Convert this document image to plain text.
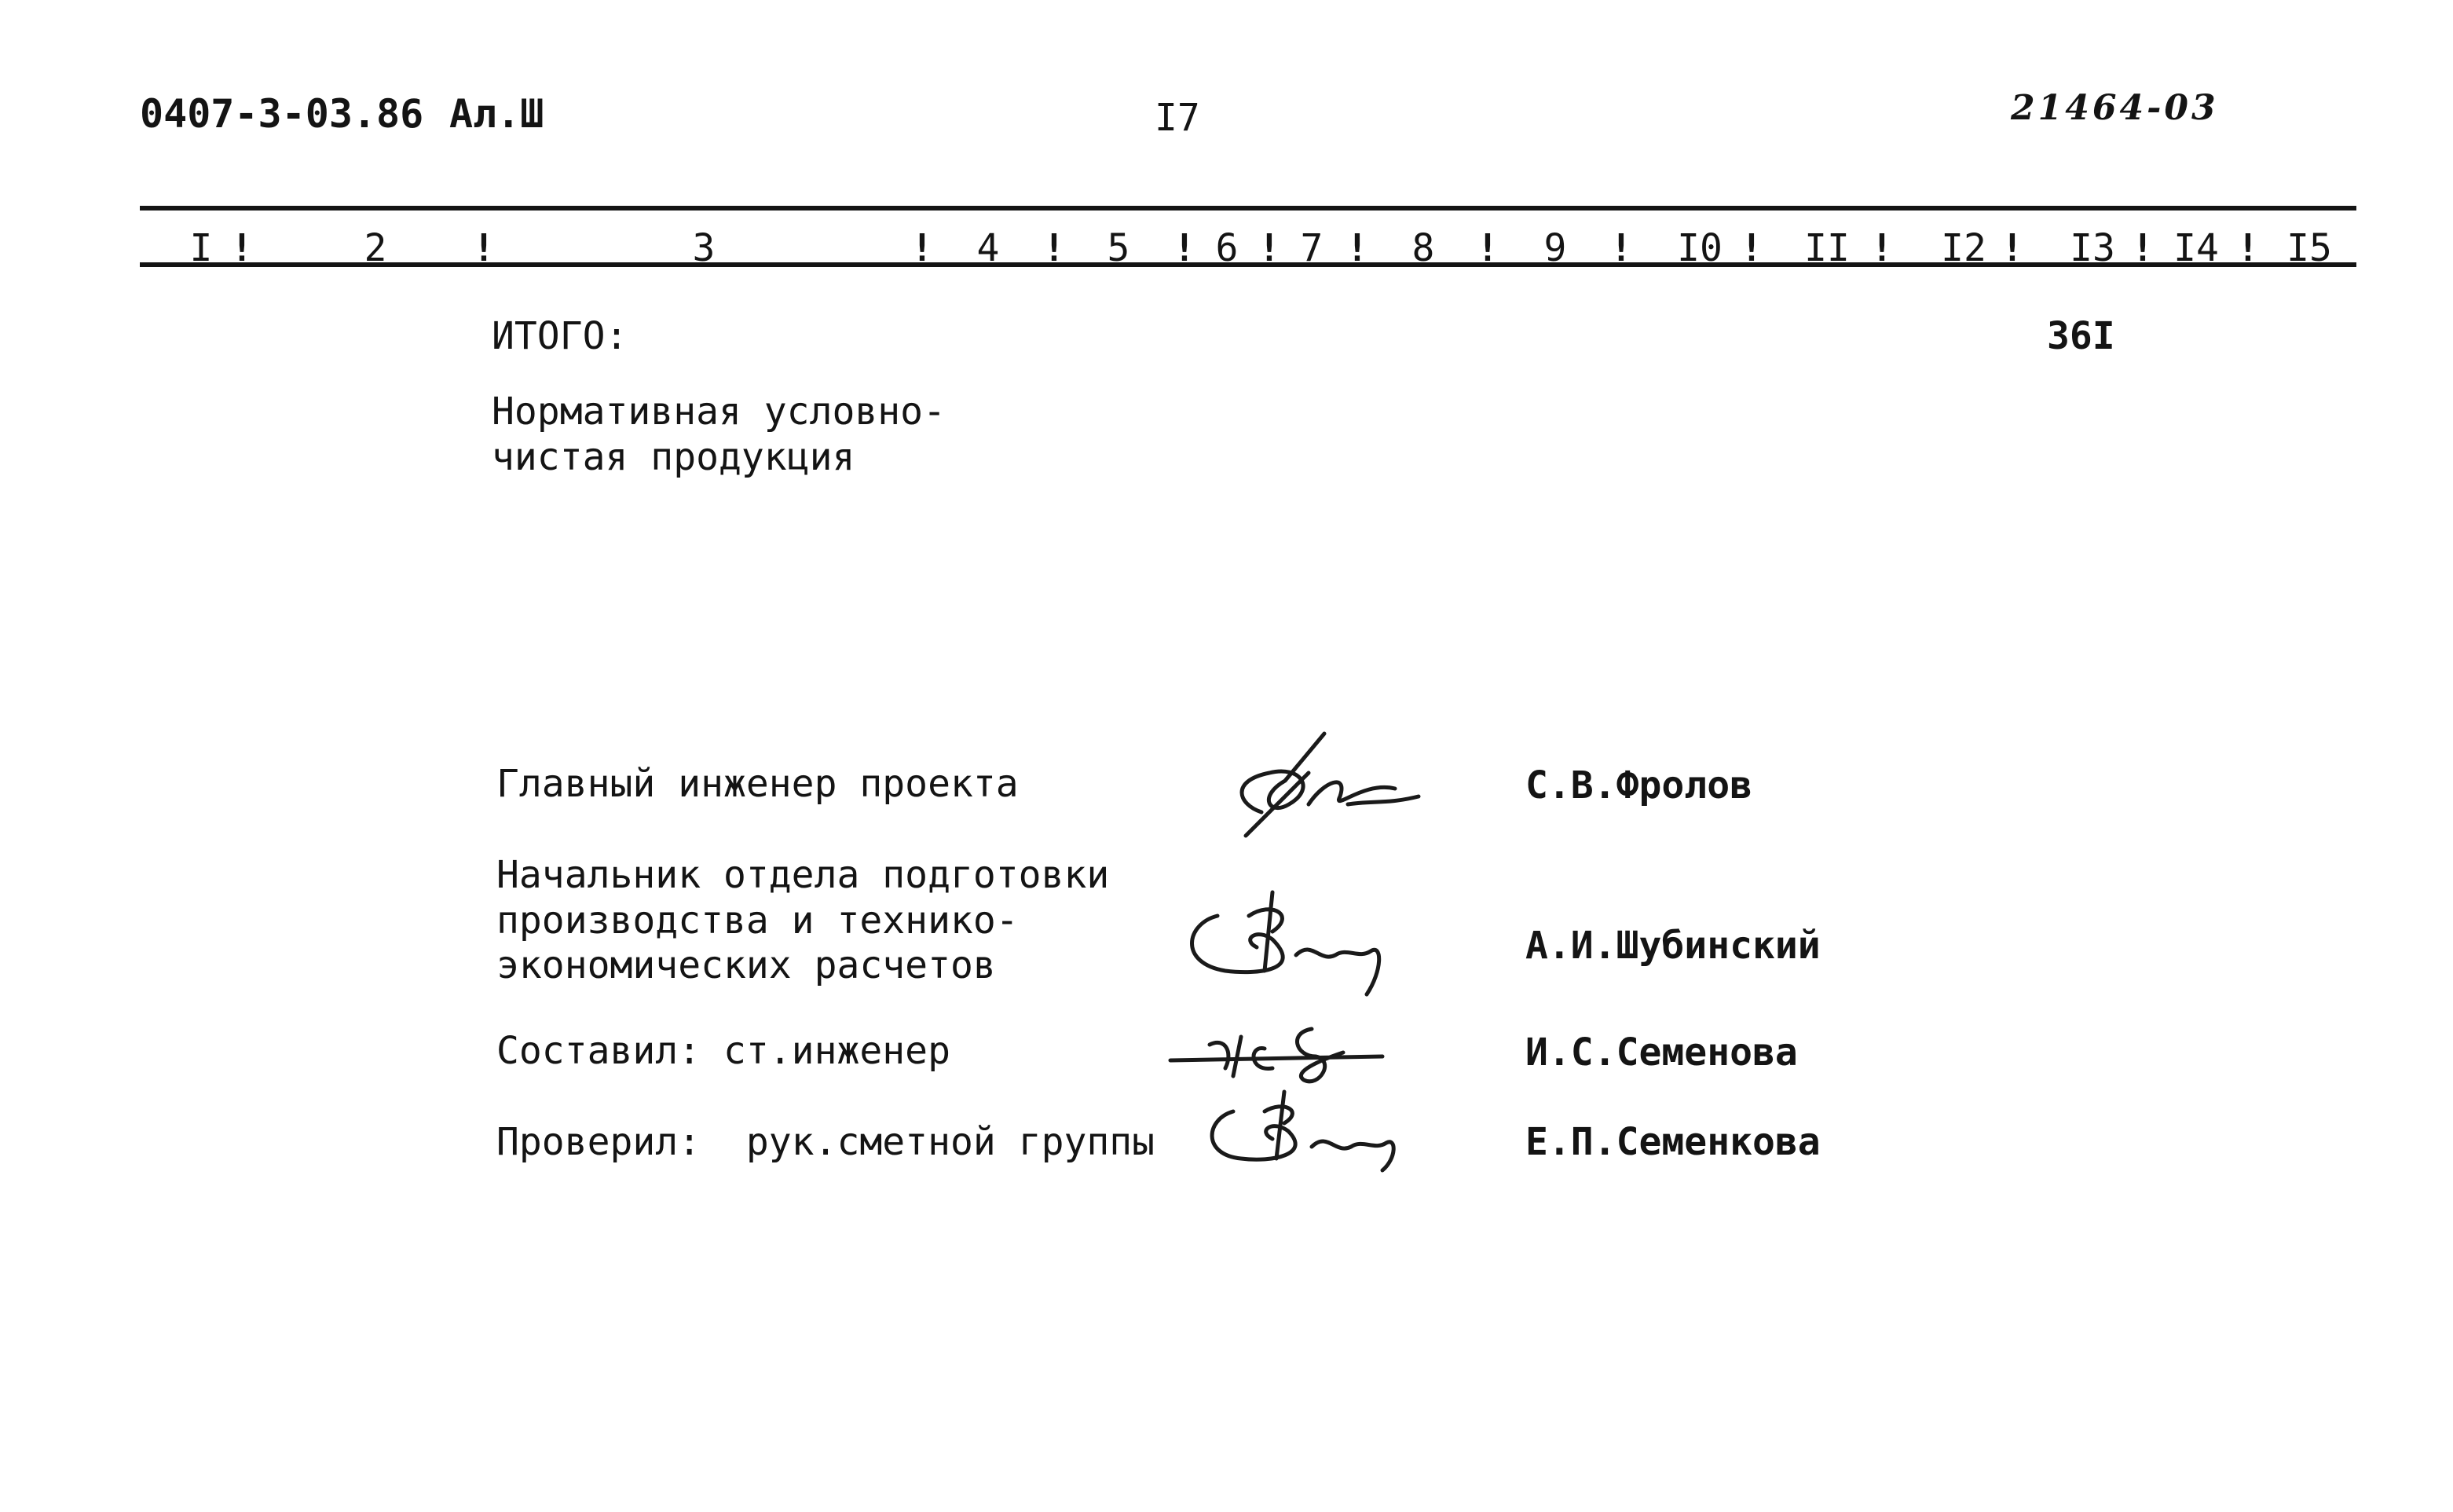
0407-3-03.86 Ал.Ш	I7	21464-03
I !	2 !	3	! 4 ! 5 ! 6 ! 7 ! 8 ! 9 ! I0 ! II ! I2 ! I3 ! I4 ! I5
ИТОГО:	36I
Нормативная условно-
чистая продукция
Главный инженер проекта	С.В.Фролов
Начальник отдела подготовки
производства и технико-
экономических расчетов	А.И.Шубинский
Составил: ст.инженер	И.С.Семенова
Проверил:  рук.сметной группы	Е.П.Семенкова
